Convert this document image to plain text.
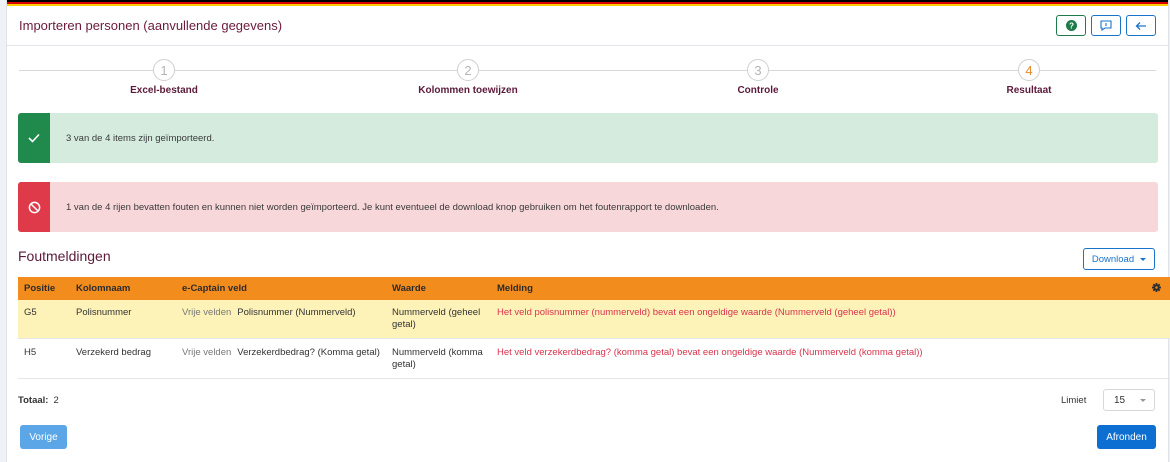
Importeren personen (aanvullende gegevens)	?
1
Excel-bestand
2
Kolommen toewijzen
3
Controle
4
Resultaat
3 van de 4 items zijn geïmporteerd.
1 van de 4 rijen bevatten fouten en kunnen niet worden geïmporteerd. Je kunt eventueel de download knop gebruiken om het foutenrapport te downloaden.
Foutmeldingen	Download
Positie	Kolomnaam	e-Captain veld	Waarde	Melding	
G5	Polisnummer	Vrije velden Polisnummer (Nummerveld)	Nummerveld (geheel
getal)	Het veld polisnummer (nummerveld) bevat een ongeldige waarde (Nummerveld (geheel getal))	
H5	Verzekerd bedrag	Vrije velden Verzekerdbedrag? (Komma getal)	Nummerveld (komma
getal)	Het veld verzekerdbedrag? (komma getal) bevat een ongeldige waarde (Nummerveld (komma getal))	
Totaal: 2	Limiet	15
Vorige	Afronden
